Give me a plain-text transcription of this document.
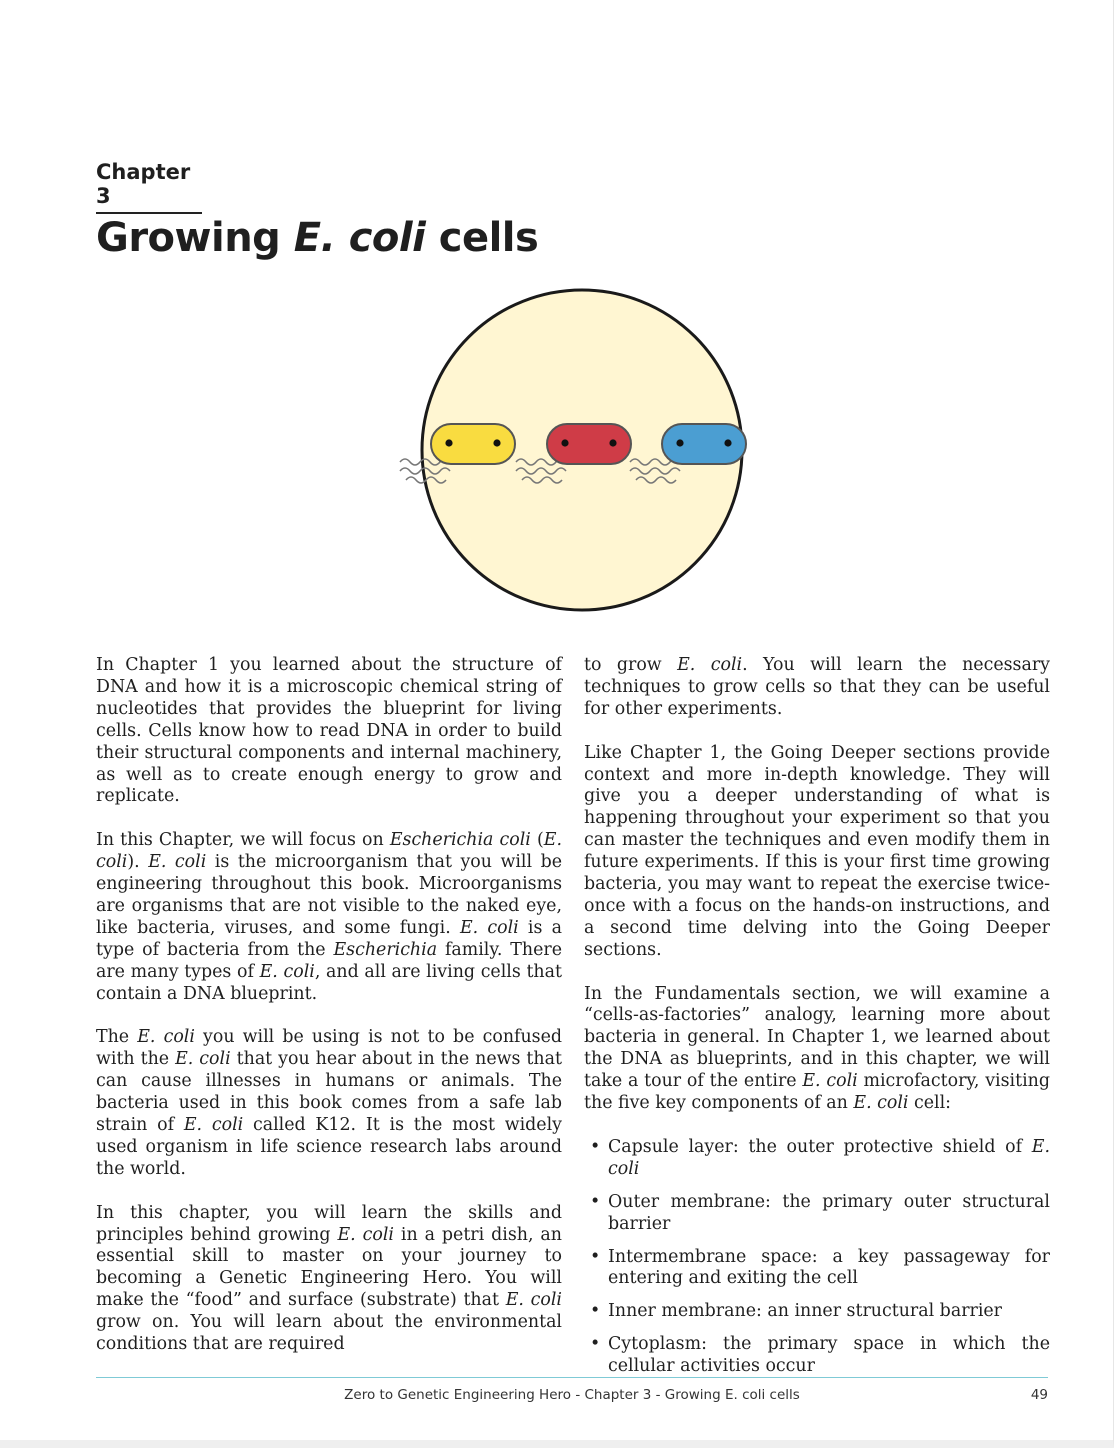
Chapter 3
Growing E. coli cells

In Chapter 1 you learned about the structure of DNA and how it is a microscopic chemical string of nucleotides that provides the blueprint for living cells. Cells know how to read DNA in order to build their structural components and internal machinery, as well as to create enough energy to grow and replicate.

In this Chapter, we will focus on Escherichia coli (E. coli). E. coli is the microorganism that you will be engineering throughout this book. Microorganisms are organisms that are not visible to the naked eye, like bacteria, viruses, and some fungi. E. coli is a type of bacteria from the Escherichia family. There are many types of E. coli, and all are living cells that contain a DNA blueprint.

The E. coli you will be using is not to be confused with the E. coli that you hear about in the news that can cause illnesses in humans or animals. The bacteria used in this book comes from a safe lab strain of E. coli called K12. It is the most widely used organism in life science research labs around the world.

In this chapter, you will learn the skills and principles behind growing E. coli in a petri dish, an essential skill to master on your journey to becoming a Genetic Engineering Hero. You will make the “food” and surface (substrate) that E. coli grow on. You will learn about the environmental conditions that are required

to grow E. coli. You will learn the necessary techniques to grow cells so that they can be useful for other experiments.

Like Chapter 1, the Going Deeper sections provide context and more in-depth knowledge. They will give you a deeper understanding of what is happening throughout your experiment so that you can master the techniques and even modify them in future experiments. If this is your first time growing bacteria, you may want to repeat the exercise twice-once with a focus on the hands-on instructions, and a second time delving into the Going Deeper sections.

In the Fundamentals section, we will examine a “cells-as-factories” analogy, learning more about bacteria in general. In Chapter 1, we learned about the DNA as blueprints, and in this chapter, we will take a tour of the entire E. coli microfactory, visiting the five key components of an E. coli cell:

• Capsule layer: the outer protective shield of E. coli
• Outer membrane: the primary outer structural barrier
• Intermembrane space: a key passageway for entering and exiting the cell
• Inner membrane: an inner structural barrier
• Cytoplasm: the primary space in which the cellular activities occur
Zero to Genetic Engineering Hero - Chapter 3 - Growing E. coli cells	49
